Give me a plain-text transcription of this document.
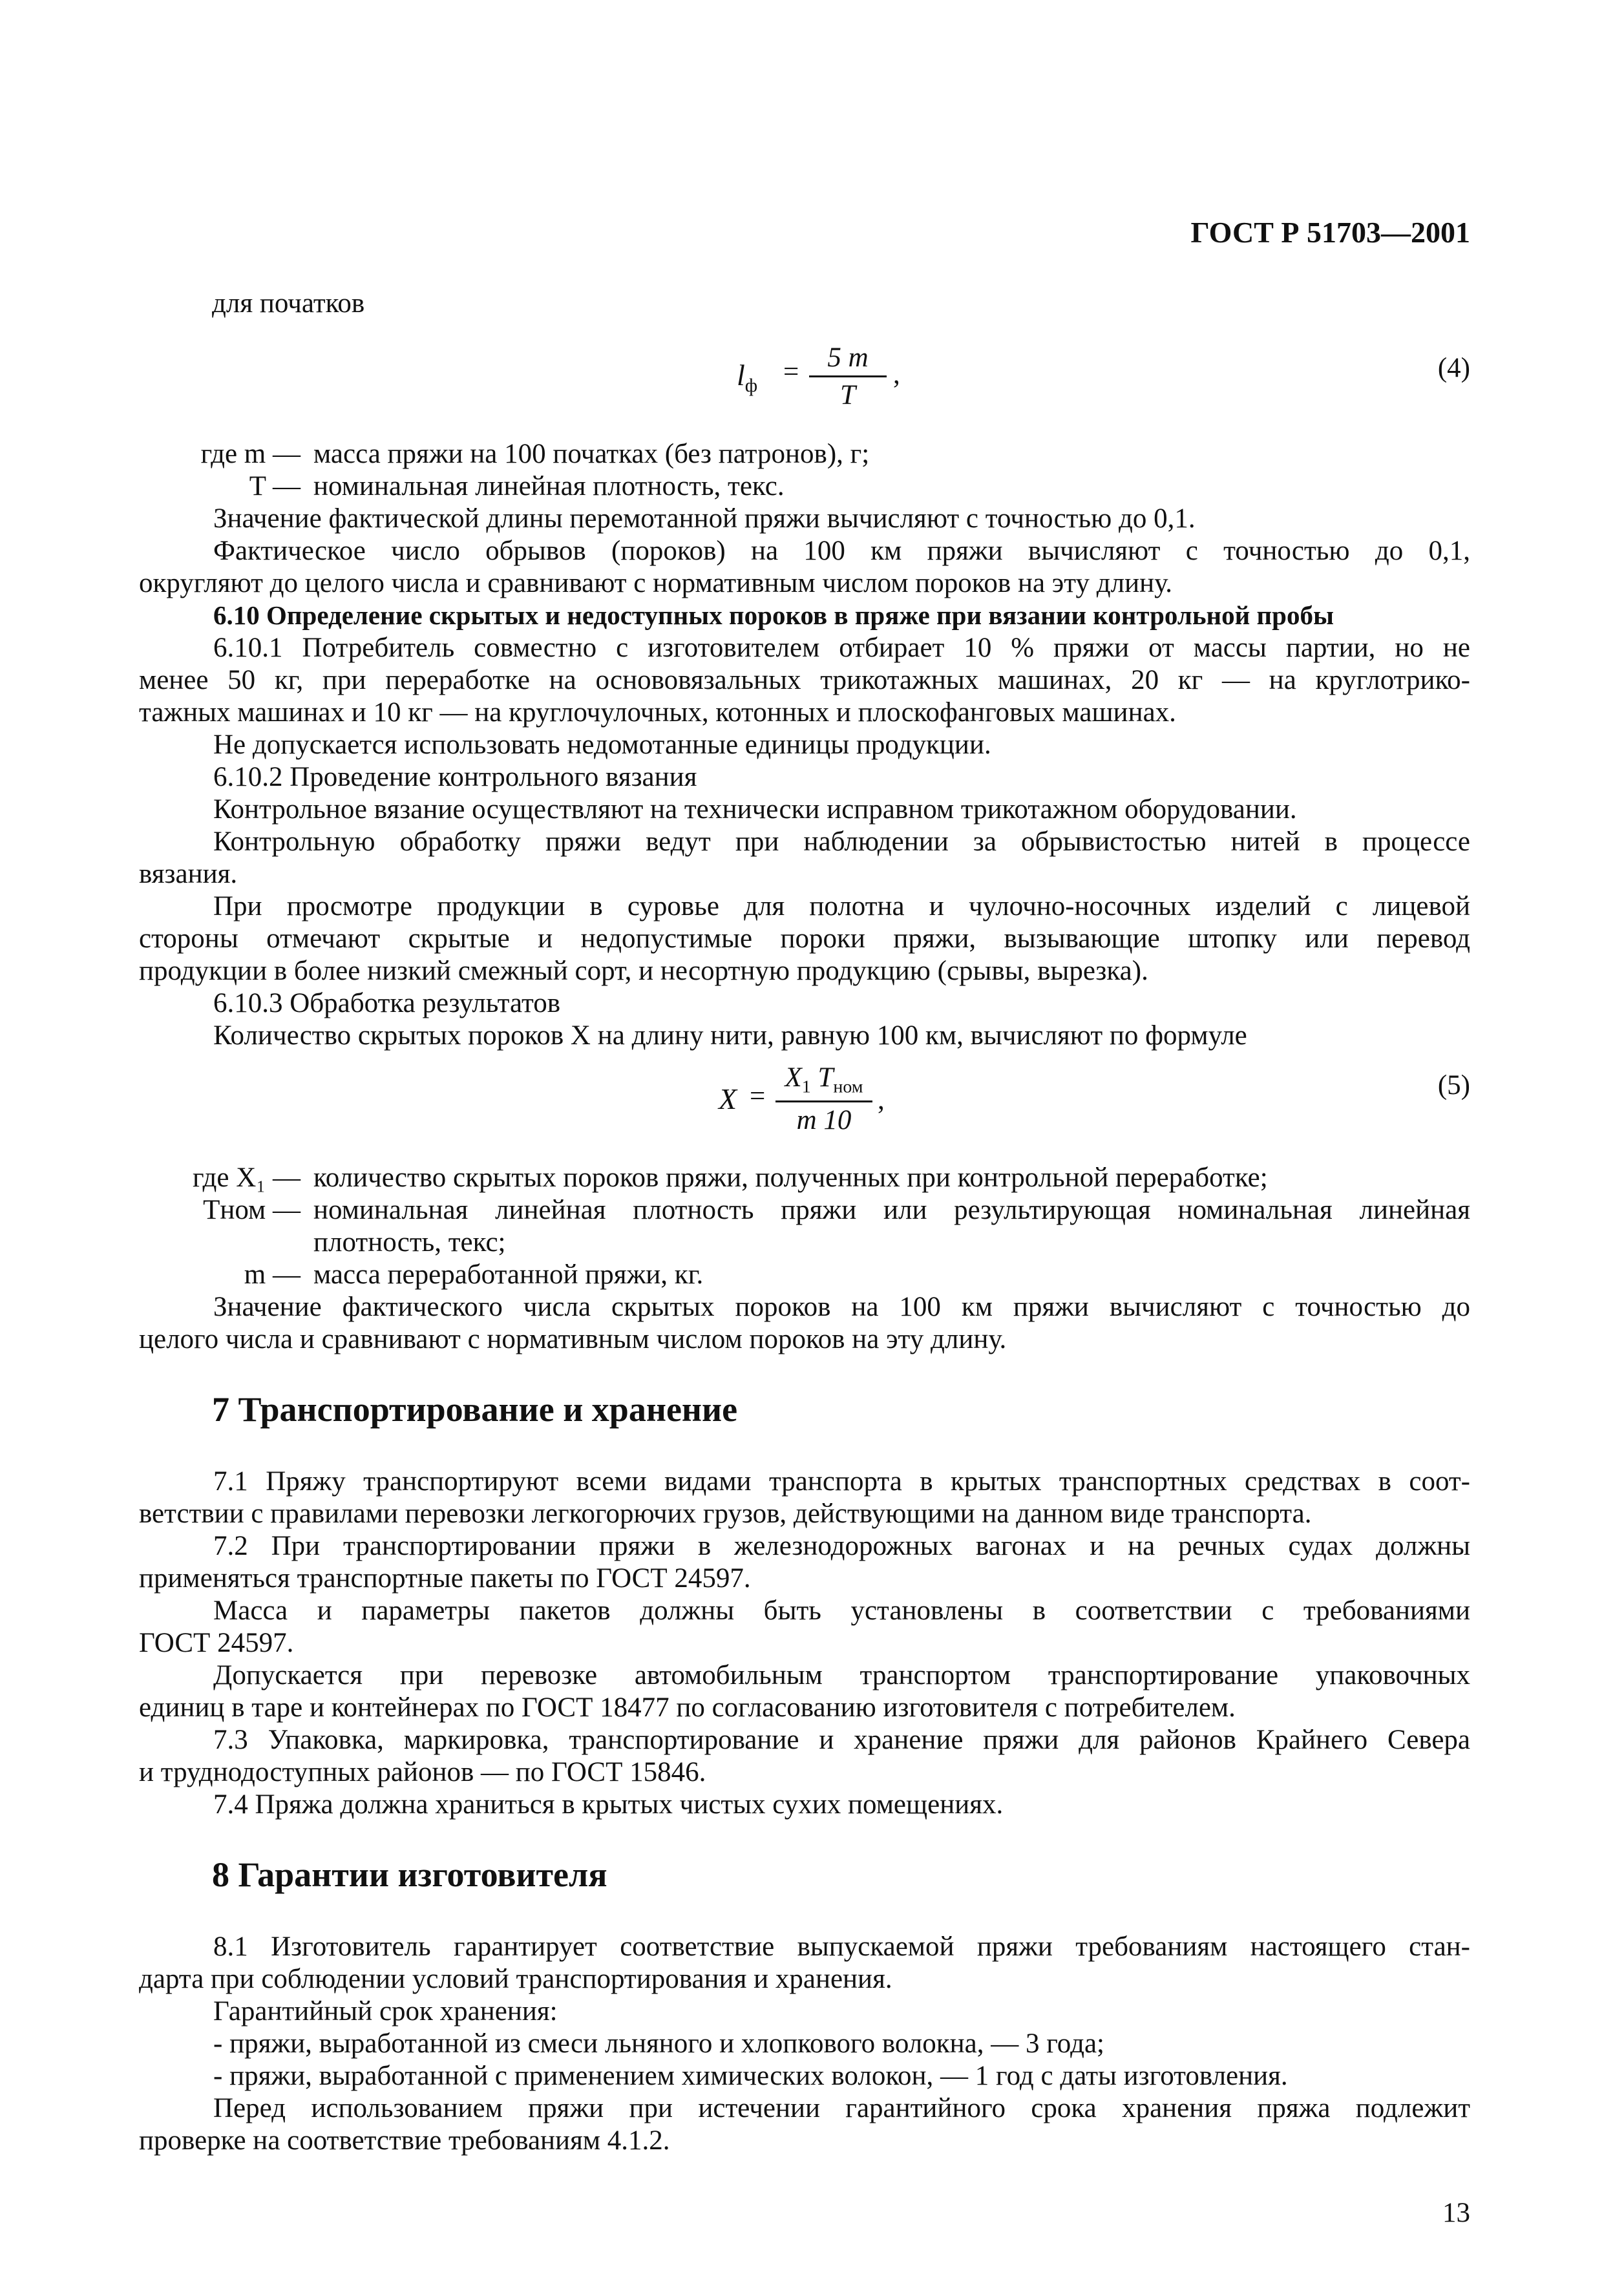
ГОСТ Р 51703—2001
для початков
$l_ф = \frac{5 m}{T}$ ,	(4)
где m — масса пряжи на 100 початках (без патронов), г;
T — номинальная линейная плотность, текс.
Значение фактической длины перемотанной пряжи вычисляют с точностью до 0,1.
Фактическое число обрывов (пороков) на 100 км пряжи вычисляют с точностью до 0,1,
округляют до целого числа и сравнивают с нормативным числом пороков на эту длину.
6.10 Определение скрытых и недоступных пороков в пряже при вязании контрольной пробы
6.10.1 Потребитель совместно с изготовителем отбирает 10 % пряжи от массы партии, но не
менее 50 кг, при переработке на основовязальных трикотажных машинах, 20 кг — на круглотрико-
тажных машинах и 10 кг — на круглочулочных, котонных и плоскофанговых машинах.
Не допускается использовать недомотанные единицы продукции.
6.10.2 Проведение контрольного вязания
Контрольное вязание осуществляют на технически исправном трикотажном оборудовании.
Контрольную обработку пряжи ведут при наблюдении за обрывистостью нитей в процессе
вязания.
При просмотре продукции в суровье для полотна и чулочно-носочных изделий с лицевой
стороны отмечают скрытые и недопустимые пороки пряжи, вызывающие штопку или перевод
продукции в более низкий смежный сорт, и несортную продукцию (срывы, вырезка).
6.10.3 Обработка результатов
Количество скрытых пороков X на длину нити, равную 100 км, вычисляют по формуле
X =
$X_1$ $T_{ном}$
m 10
,	(5)
где X₁ — количество скрытых пороков пряжи, полученных при контрольной переработке;
Tном — номинальная линейная плотность пряжи или результирующая номинальная линейная
плотность, текс;
m — масса переработанной пряжи, кг.
Значение фактического числа скрытых пороков на 100 км пряжи вычисляют с точностью до
целого числа и сравнивают с нормативным числом пороков на эту длину.
7 Транспортирование и хранение
7.1 Пряжу транспортируют всеми видами транспорта в крытых транспортных средствах в соот-
ветствии с правилами перевозки легкогорючих грузов, действующими на данном виде транспорта.
7.2 При транспортировании пряжи в железнодорожных вагонах и на речных судах должны
применяться транспортные пакеты по ГОСТ 24597.
Масса и параметры пакетов должны быть установлены в соответствии с требованиями
ГОСТ 24597.
Допускается при перевозке автомобильным транспортом транспортирование упаковочных
единиц в таре и контейнерах по ГОСТ 18477 по согласованию изготовителя с потребителем.
7.3 Упаковка, маркировка, транспортирование и хранение пряжи для районов Крайнего Севера
и труднодоступных районов — по ГОСТ 15846.
7.4 Пряжа должна храниться в крытых чистых сухих помещениях.
8 Гарантии изготовителя
8.1 Изготовитель гарантирует соответствие выпускаемой пряжи требованиям настоящего стан-
дарта при соблюдении условий транспортирования и хранения.
Гарантийный срок хранения:
- пряжи, выработанной из смеси льняного и хлопкового волокна, — 3 года;
- пряжи, выработанной с применением химических волокон, — 1 год с даты изготовления.
Перед использованием пряжи при истечении гарантийного срока хранения пряжа подлежит
проверке на соответствие требованиям 4.1.2.
13
